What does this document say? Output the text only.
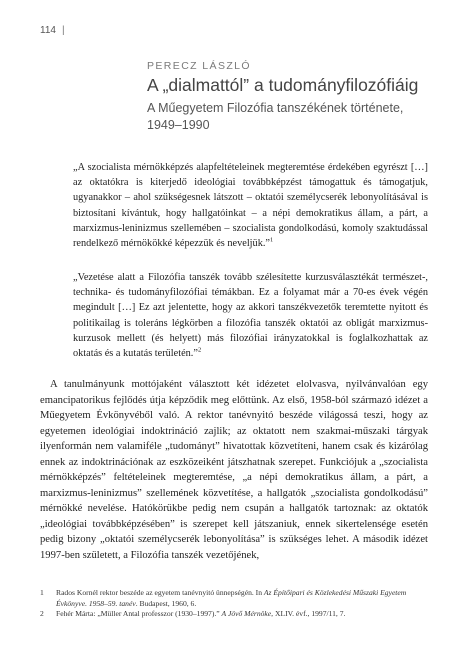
114 |
PERECZ LÁSZLÓ
A „dialmattól” a tudományfilozófiáig
A Műegyetem Filozófia tanszékének története,
1949–1990
„A szocialista mérnökképzés alapfeltételeinek megteremtése érdekében egyrészt […] az oktatókra is kiterjedő ideológiai továbbképzést támogattuk és támogatjuk, ugyanakkor – ahol szükségesnek látszott – oktatói személycserék lebonyolításával is biztosítani kívántuk, hogy hallgatóinkat – a népi demokratikus állam, a párt, a marxizmus-leninizmus szellemében – szocialista gondolkodású, komoly szaktudással rendelkező mérnökökké képezzük és neveljük.”$^1$
„Vezetése alatt a Filozófia tanszék tovább szélesítette kurzusválasztékát természet-, technika- és tudományfilozófiai témákban. Ez a folyamat már a 70-es évek végén megindult […] Ez azt jelentette, hogy az akkori tanszékvezetők teremtette nyitott és politikailag is toleráns légkörben a filozófia tanszék oktatói az obligát marxizmus-kurzusok mellett (és helyett) más filozófiai irányzatokkal is foglalkozhattak az oktatás és a kutatás területén.”$^2$

A tanulmányunk mottójaként választott két idézetet elolvasva, nyilvánvalóan egy emancipatorikus fejlődés útja képződik meg előttünk. Az első, 1958-ból származó idézet a Műegyetem Évkönyvéből való. A rektor tanévnyitó beszéde világossá teszi, hogy az egyetemen ideológiai indoktrináció zajlik; az oktatott nem szakmai-műszaki tárgyak ilyenformán nem valamiféle „tudományt” hivatottak közvetíteni, hanem csak és kizárólag ennek az indoktrinációnak az eszközeiként játszhatnak szerepet. Funkciójuk a „szocialista mérnökképzés” feltételeinek megteremtése, „a népi demokratikus állam, a párt, a marxizmus-leninizmus” szellemének közvetítése, a hallgatók „szocialista gondolkodású” mérnökké nevelése. Hatókörükbe pedig nem csupán a hallgatók tartoznak: az oktatók „ideológiai továbbképzésében” is szerepet kell játszaniuk, ennek sikertelensége esetén pedig bizony „oktatói személycserék lebonyolítása” is szükséges lehet. A második idézet 1997-ben született, a Filozófia tanszék vezetőjének,

1	Rados Kornél rektor beszéde az egyetem tanévnyitó ünnepségén. In Az Építőipari és Közlekedési Műszaki Egyetem Évkönyve. 1958–59. tanév. Budapest, 1960, 6.
2	Fehér Márta: „Müller Antal professzor (1930–1997).” A Jövő Mérnöke, XLIV. évf., 1997/11, 7.
